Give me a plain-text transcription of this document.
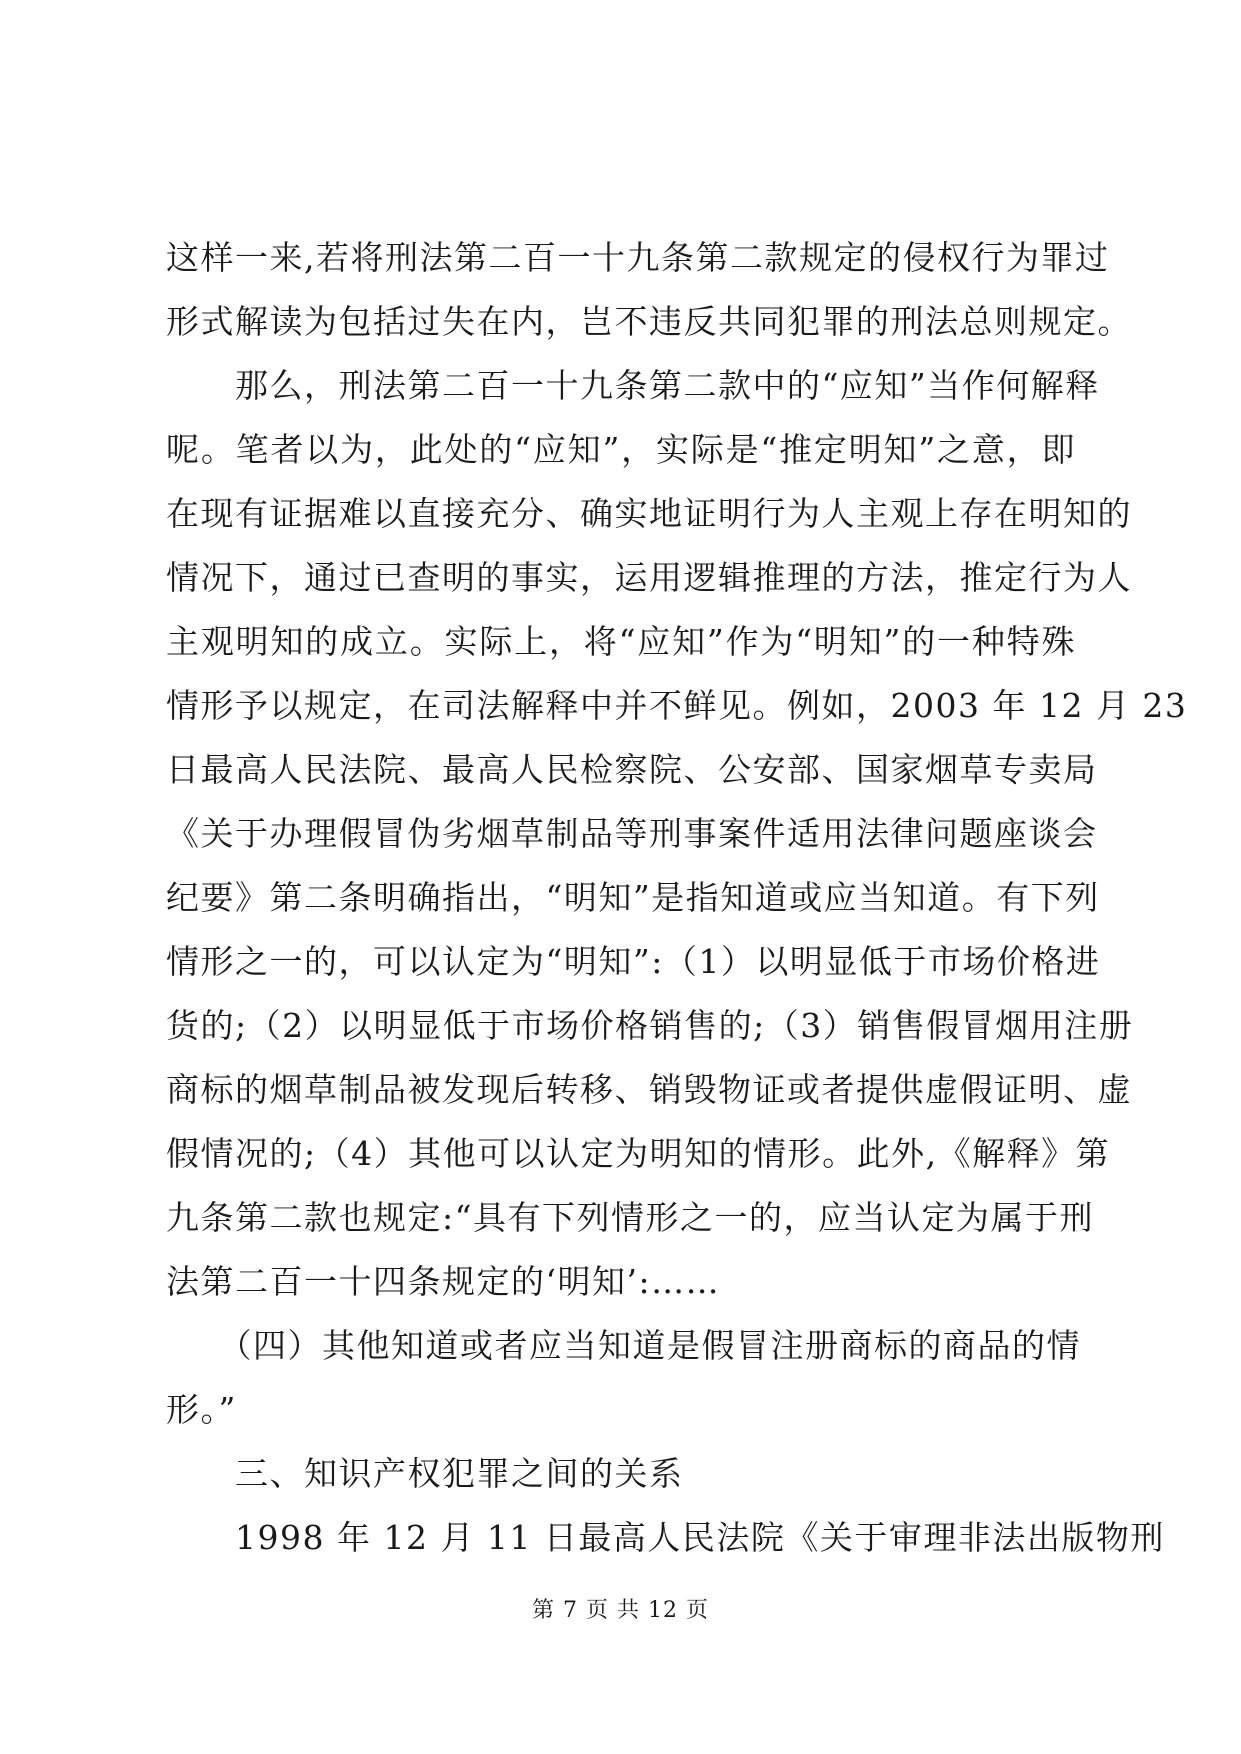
这样一来,若将刑法第二百一十九条第二款规定的侵权行为罪过
形式解读为包括过失在内，岂不违反共同犯罪的刑法总则规定。
　　那么，刑法第二百一十九条第二款中的“应知”当作何解释
呢。笔者以为，此处的“应知”，实际是“推定明知”之意，即
在现有证据难以直接充分、确实地证明行为人主观上存在明知的
情况下，通过已查明的事实，运用逻辑推理的方法，推定行为人
主观明知的成立。实际上，将“应知”作为“明知”的一种特殊
情形予以规定，在司法解释中并不鲜见。例如，2003 年 12 月 23
日最高人民法院、最高人民检察院、公安部、国家烟草专卖局
《关于办理假冒伪劣烟草制品等刑事案件适用法律问题座谈会
纪要》第二条明确指出，“明知”是指知道或应当知道。有下列
情形之一的，可以认定为“明知”:（1）以明显低于市场价格进
货的;（2）以明显低于市场价格销售的;（3）销售假冒烟用注册
商标的烟草制品被发现后转移、销毁物证或者提供虚假证明、虚
假情况的;（4）其他可以认定为明知的情形。此外,《解释》第
九条第二款也规定:“具有下列情形之一的，应当认定为属于刑
法第二百一十四条规定的‘明知’:……
　　（四）其他知道或者应当知道是假冒注册商标的商品的情
形。”
　　三、知识产权犯罪之间的关系
　　1998 年 12 月 11 日最高人民法院《关于审理非法出版物刑
第 7 页 共 12 页
